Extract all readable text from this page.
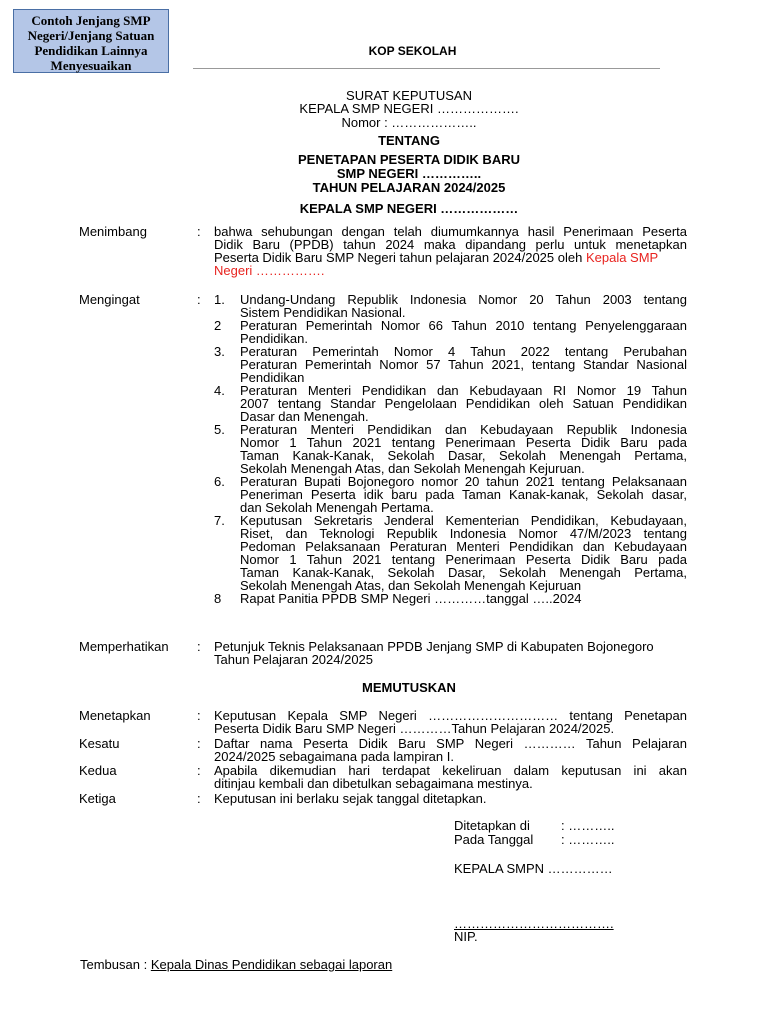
Contoh Jenjang SMP
Negeri/Jenjang Satuan
Pendidikan Lainnya
Menyesuaikan
KOP SEKOLAH
SURAT KEPUTUSAN
KEPALA SMP NEGERI ……………….
Nomor : ………………..
TENTANG
PENETAPAN PESERTA DIDIK BARU
SMP NEGERI …………..
TAHUN PELAJARAN 2024/2025
KEPALA SMP NEGERI ………………
Menimbang	: bahwa sehubungan dengan telah diumumkannya hasil Penerimaan Peserta
Didik Baru (PPDB) tahun 2024 maka dipandang perlu untuk menetapkan
Peserta Didik Baru SMP Negeri tahun pelajaran 2024/2025 oleh Kepala SMP
Negeri …………….
Mengingat	: 1. Undang-Undang Republik Indonesia Nomor 20 Tahun 2003 tentang
Sistem Pendidikan Nasional.
2 Peraturan Pemerintah Nomor 66 Tahun 2010 tentang Penyelenggaraan
Pendidikan.
3. Peraturan Pemerintah Nomor 4 Tahun 2022 tentang Perubahan
Peraturan Pemerintah Nomor 57 Tahun 2021, tentang Standar Nasional
Pendidikan
4. Peraturan Menteri Pendidikan dan Kebudayaan RI Nomor 19 Tahun
2007 tentang Standar Pengelolaan Pendidikan oleh Satuan Pendidikan
Dasar dan Menengah.
5. Peraturan Menteri Pendidikan dan Kebudayaan Republik Indonesia
Nomor 1 Tahun 2021 tentang Penerimaan Peserta Didik Baru pada
Taman Kanak-Kanak, Sekolah Dasar, Sekolah Menengah Pertama,
Sekolah Menengah Atas, dan Sekolah Menengah Kejuruan.
6. Peraturan Bupati Bojonegoro nomor 20 tahun 2021 tentang Pelaksanaan
Peneriman Peserta idik baru pada Taman Kanak-kanak, Sekolah dasar,
dan Sekolah Menengah Pertama.
7. Keputusan Sekretaris Jenderal Kementerian Pendidikan, Kebudayaan,
Riset, dan Teknologi Republik Indonesia Nomor 47/M/2023 tentang
Pedoman Pelaksanaan Peraturan Menteri Pendidikan dan Kebudayaan
Nomor 1 Tahun 2021 tentang Penerimaan Peserta Didik Baru pada
Taman Kanak-Kanak, Sekolah Dasar, Sekolah Menengah Pertama,
Sekolah Menengah Atas, dan Sekolah Menengah Kejuruan
8 Rapat Panitia PPDB SMP Negeri …………tanggal …..2024
Memperhatikan : Petunjuk Teknis Pelaksanaan PPDB Jenjang SMP di Kabupaten Bojonegoro
Tahun Pelajaran 2024/2025
MEMUTUSKAN
Menetapkan	: Keputusan Kepala SMP Negeri ………………………… tentang Penetapan
Peserta Didik Baru SMP Negeri …………Tahun Pelajaran 2024/2025.
Kesatu	: Daftar nama Peserta Didik Baru SMP Negeri ………… Tahun Pelajaran
2024/2025 sebagaimana pada lampiran I.
Kedua	: Apabila dikemudian hari terdapat kekeliruan dalam keputusan ini akan
ditinjau kembali dan dibetulkan sebagaimana mestinya.
Ketiga	: Keputusan ini berlaku sejak tanggal ditetapkan.
Ditetapkan di : ………..
Pada Tanggal : ………..
KEPALA SMPN ……………
……………………………….
NIP.
Tembusan : Kepala Dinas Pendidikan sebagai laporan
